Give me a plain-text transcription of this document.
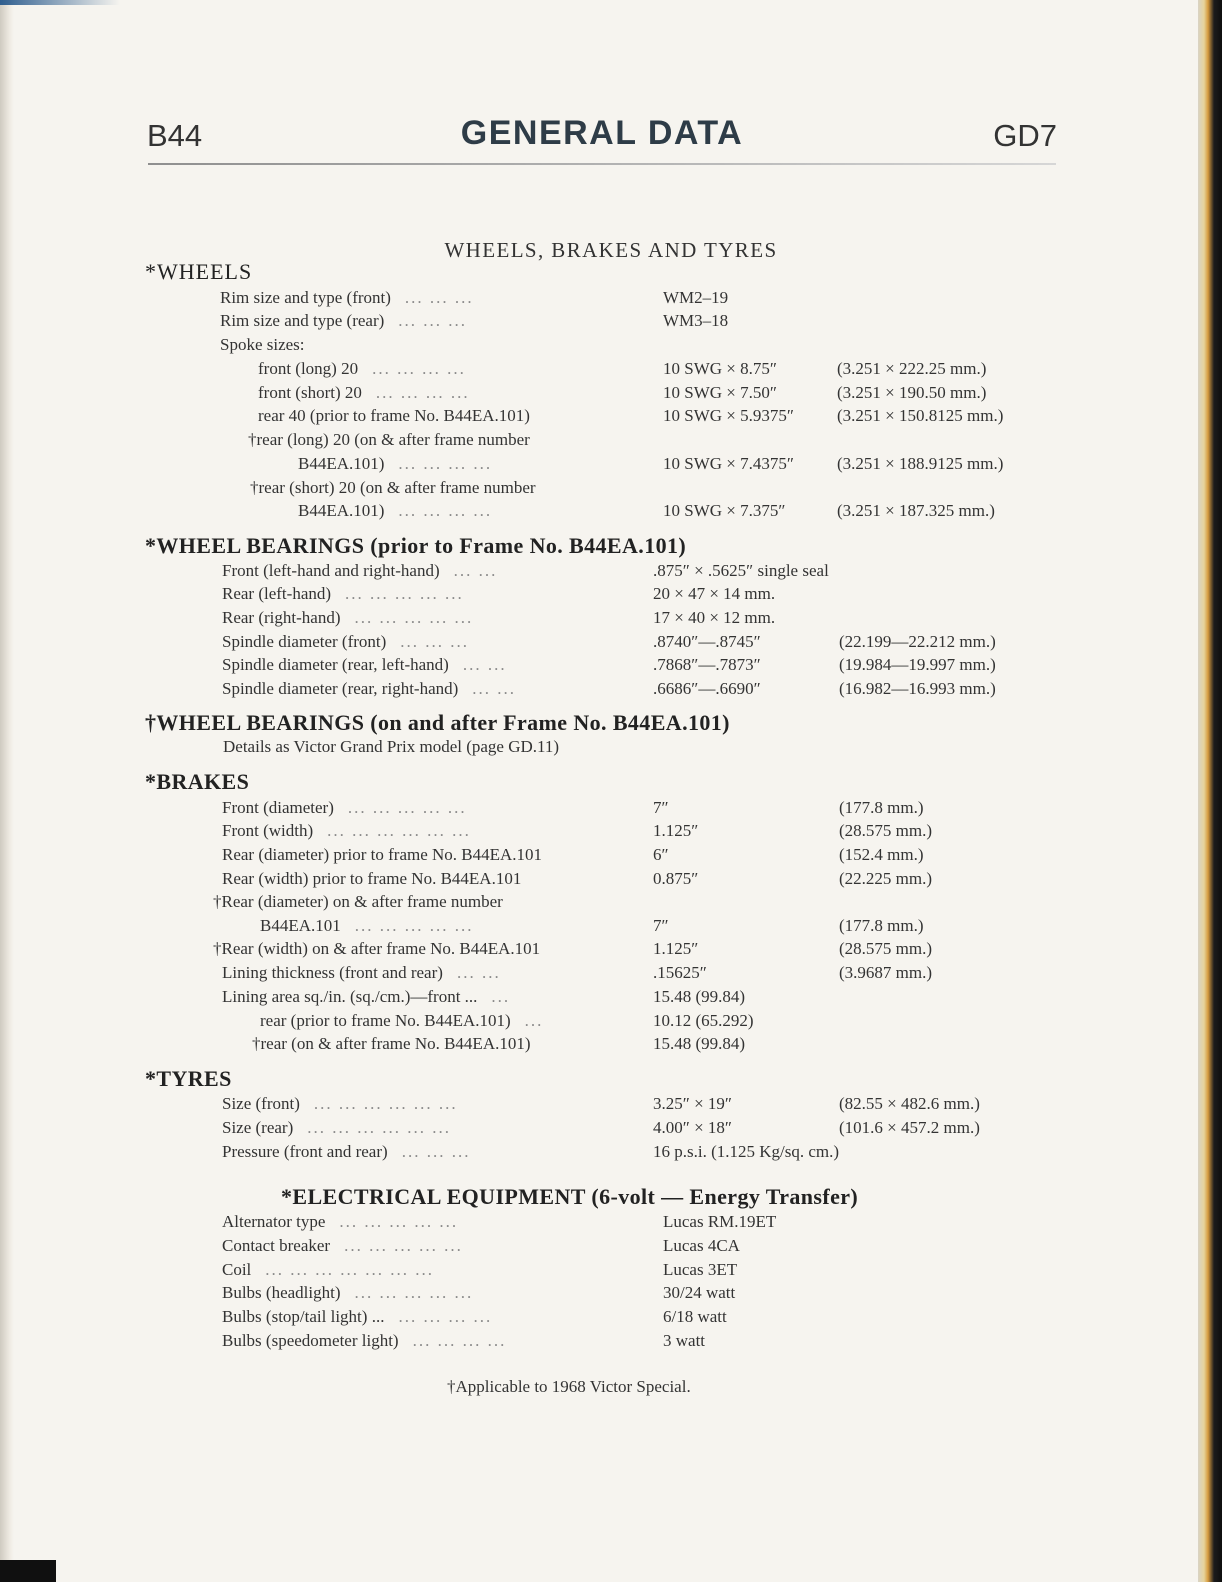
B44	GENERAL DATA	GD7
WHEELS, BRAKES AND TYRES
*WHEELS
Rim size and type (front) ... ... ...	WM2–19
Rim size and type (rear) ... ... ...	WM3–18
Spoke sizes:
front (long) 20 ... ... ... ...	10 SWG × 8.75″	(3.251 × 222.25 mm.)
front (short) 20 ... ... ... ...	10 SWG × 7.50″	(3.251 × 190.50 mm.)
rear 40 (prior to frame No. B44EA.101)	10 SWG × 5.9375″	(3.251 × 150.8125 mm.)
†rear (long) 20 (on & after frame number
B44EA.101) ... ... ... ...	10 SWG × 7.4375″	(3.251 × 188.9125 mm.)
†rear (short) 20 (on & after frame number
B44EA.101) ... ... ... ...	10 SWG × 7.375″	(3.251 × 187.325 mm.)
*WHEEL BEARINGS (prior to Frame No. B44EA.101)
Front (left-hand and right-hand) ... ...	.875″ × .5625″ single seal
Rear (left-hand) ... ... ... ... ...	20 × 47 × 14 mm.
Rear (right-hand) ... ... ... ... ...	17 × 40 × 12 mm.
Spindle diameter (front) ... ... ...	.8740″—.8745″	(22.199—22.212 mm.)
Spindle diameter (rear, left-hand) ... ...	.7868″—.7873″	(19.984—19.997 mm.)
Spindle diameter (rear, right-hand) ... ...	.6686″—.6690″	(16.982—16.993 mm.)
†WHEEL BEARINGS (on and after Frame No. B44EA.101)
Details as Victor Grand Prix model (page GD.11)
*BRAKES
Front (diameter) ... ... ... ... ...	7″	(177.8 mm.)
Front (width) ... ... ... ... ... ...	1.125″	(28.575 mm.)
Rear (diameter) prior to frame No. B44EA.101	6″	(152.4 mm.)
Rear (width) prior to frame No. B44EA.101	0.875″	(22.225 mm.)
†Rear (diameter) on & after frame number
B44EA.101 ... ... ... ... ...	7″	(177.8 mm.)
†Rear (width) on & after frame No. B44EA.101	1.125″	(28.575 mm.)
Lining thickness (front and rear) ... ...	.15625″	(3.9687 mm.)
Lining area sq./in. (sq./cm.)—front ... ...	15.48 (99.84)
rear (prior to frame No. B44EA.101) ...	10.12 (65.292)
†rear (on & after frame No. B44EA.101)	15.48 (99.84)
*TYRES
Size (front) ... ... ... ... ... ...	3.25″ × 19″	(82.55 × 482.6 mm.)
Size (rear) ... ... ... ... ... ...	4.00″ × 18″	(101.6 × 457.2 mm.)
Pressure (front and rear) ... ... ...	16 p.s.i. (1.125 Kg/sq. cm.)
*ELECTRICAL EQUIPMENT (6-volt — Energy Transfer)
Alternator type ... ... ... ... ...	Lucas RM.19ET
Contact breaker ... ... ... ... ...	Lucas 4CA
Coil ... ... ... ... ... ... ...	Lucas 3ET
Bulbs (headlight) ... ... ... ... ...	30/24 watt
Bulbs (stop/tail light) ... ... ... ... ...	6/18 watt
Bulbs (speedometer light) ... ... ... ...	3 watt
†Applicable to 1968 Victor Special.
